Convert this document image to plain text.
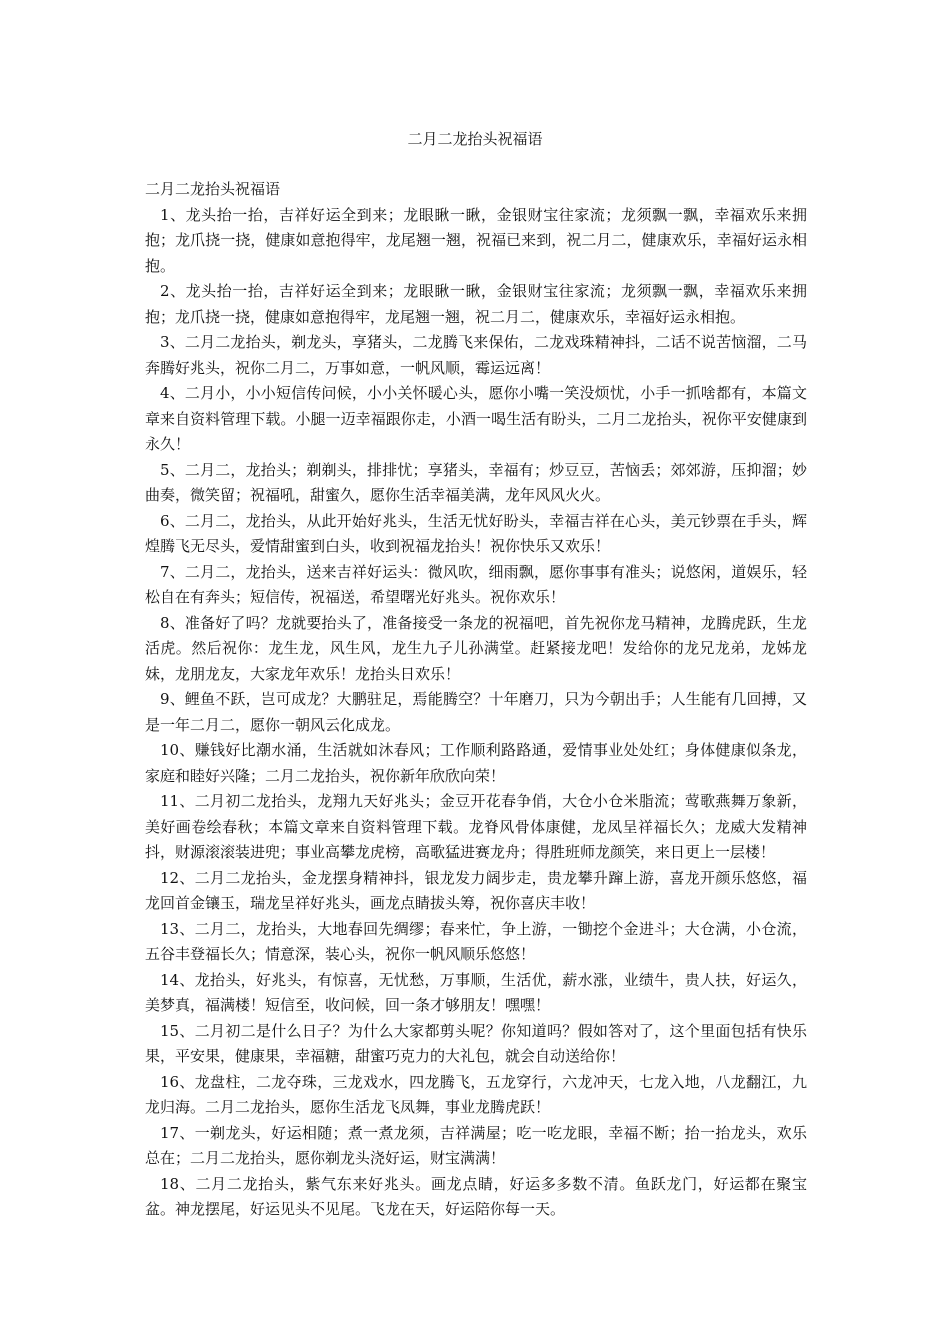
二月二龙抬头祝福语

二月二龙抬头祝福语

1、龙头抬一抬，吉祥好运全到来；龙眼瞅一瞅，金银财宝往家流；龙须飘一飘，幸福欢乐来拥抱；龙爪挠一挠，健康如意抱得牢，龙尾翘一翘，祝福已来到，祝二月二，健康欢乐，幸福好运永相抱。

2、龙头抬一抬，吉祥好运全到来；龙眼瞅一瞅，金银财宝往家流；龙须飘一飘，幸福欢乐来拥抱；龙爪挠一挠，健康如意抱得牢，龙尾翘一翘，祝二月二，健康欢乐，幸福好运永相抱。

3、二月二龙抬头，剃龙头，享猪头，二龙腾飞来保佑，二龙戏珠精神抖，二话不说苦恼溜，二马奔腾好兆头，祝你二月二，万事如意，一帆风顺，霉运远离！

4、二月小，小小短信传问候，小小关怀暖心头，愿你小嘴一笑没烦忧，小手一抓啥都有，本篇文章来自资料管理下载。小腿一迈幸福跟你走，小酒一喝生活有盼头，二月二龙抬头，祝你平安健康到永久！

5、二月二，龙抬头；剃剃头，排排忧；享猪头，幸福有；炒豆豆，苦恼丢；郊郊游，压抑溜；妙曲奏，微笑留；祝福吼，甜蜜久，愿你生活幸福美满，龙年风风火火。

6、二月二，龙抬头，从此开始好兆头，生活无忧好盼头，幸福吉祥在心头，美元钞票在手头，辉煌腾飞无尽头，爱情甜蜜到白头，收到祝福龙抬头！祝你快乐又欢乐！

7、二月二，龙抬头，送来吉祥好运头：微风吹，细雨飘，愿你事事有准头；说悠闲，道娱乐，轻松自在有奔头；短信传，祝福送，希望曙光好兆头。祝你欢乐！

8、准备好了吗？龙就要抬头了，准备接受一条龙的祝福吧，首先祝你龙马精神，龙腾虎跃，生龙活虎。然后祝你：龙生龙，风生风，龙生九子儿孙满堂。赶紧接龙吧！发给你的龙兄龙弟，龙姊龙妹，龙朋龙友，大家龙年欢乐！龙抬头日欢乐！

9、鲤鱼不跃，岂可成龙？大鹏驻足，焉能腾空？十年磨刀，只为今朝出手；人生能有几回搏，又是一年二月二，愿你一朝风云化成龙。

10、赚钱好比潮水涌，生活就如沐春风；工作顺利路路通，爱情事业处处红；身体健康似条龙，家庭和睦好兴隆；二月二龙抬头，祝你新年欣欣向荣！

11、二月初二龙抬头，龙翔九天好兆头；金豆开花春争俏，大仓小仓米脂流；莺歌燕舞万象新，美好画卷绘春秋；本篇文章来自资料管理下载。龙脊风骨体康健，龙凤呈祥福长久；龙威大发精神抖，财源滚滚装进兜；事业高攀龙虎榜，高歌猛进赛龙舟；得胜班师龙颜笑，来日更上一层楼！

12、二月二龙抬头，金龙摆身精神抖，银龙发力阔步走，贵龙攀升蹿上游，喜龙开颜乐悠悠，福龙回首金镶玉，瑞龙呈祥好兆头，画龙点睛拔头筹，祝你喜庆丰收！

13、二月二，龙抬头，大地春回先绸缪；春来忙，争上游，一锄挖个金进斗；大仓满，小仓流，五谷丰登福长久；情意深，装心头，祝你一帆风顺乐悠悠！

14、龙抬头，好兆头，有惊喜，无忧愁，万事顺，生活优，薪水涨，业绩牛，贵人扶，好运久，美梦真，福满楼！短信至，收问候，回一条才够朋友！嘿嘿！

15、二月初二是什么日子？为什么大家都剪头呢？你知道吗？假如答对了，这个里面包括有快乐果，平安果，健康果，幸福糖，甜蜜巧克力的大礼包，就会自动送给你！

16、龙盘柱，二龙夺珠，三龙戏水，四龙腾飞，五龙穿行，六龙冲天，七龙入地，八龙翻江，九龙归海。二月二龙抬头，愿你生活龙飞凤舞，事业龙腾虎跃！

17、一剃龙头，好运相随；煮一煮龙须，吉祥满屋；吃一吃龙眼，幸福不断；抬一抬龙头，欢乐总在；二月二龙抬头，愿你剃龙头浇好运，财宝满满！

18、二月二龙抬头，紫气东来好兆头。画龙点睛，好运多多数不清。鱼跃龙门，好运都在聚宝盆。神龙摆尾，好运见头不见尾。飞龙在天，好运陪你每一天。
